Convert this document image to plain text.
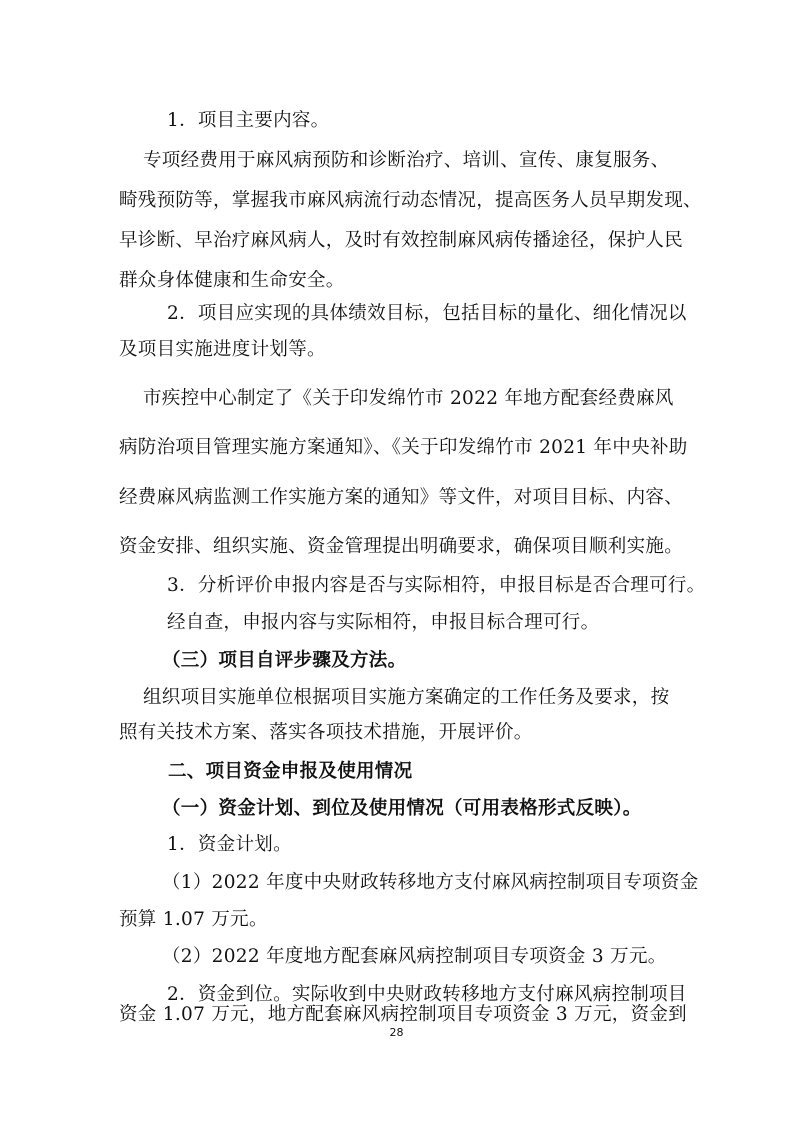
1．项目主要内容。
专项经费用于麻风病预防和诊断治疗、培训、宣传、康复服务、
畸残预防等，掌握我市麻风病流行动态情况，提高医务人员早期发现、
早诊断、早治疗麻风病人，及时有效控制麻风病传播途径，保护人民
群众身体健康和生命安全。
2．项目应实现的具体绩效目标，包括目标的量化、细化情况以
及项目实施进度计划等。
市疾控中心制定了《关于印发绵竹市 2022 年地方配套经费麻风
病防治项目管理实施方案通知》、《关于印发绵竹市 2021 年中央补助
经费麻风病监测工作实施方案的通知》等文件，对项目目标、内容、
资金安排、组织实施、资金管理提出明确要求，确保项目顺利实施。
3．分析评价申报内容是否与实际相符，申报目标是否合理可行。
经自查，申报内容与实际相符，申报目标合理可行。
（三）项目自评步骤及方法。
组织项目实施单位根据项目实施方案确定的工作任务及要求，按
照有关技术方案、落实各项技术措施，开展评价。
二、项目资金申报及使用情况
（一）资金计划、到位及使用情况（可用表格形式反映）。
1．资金计划。
（1）2022 年度中央财政转移地方支付麻风病控制项目专项资金
预算 1.07 万元。
（2）2022 年度地方配套麻风病控制项目专项资金 3 万元。
2．资金到位。实际收到中央财政转移地方支付麻风病控制项目
资金 1.07 万元，地方配套麻风病控制项目专项资金 3 万元，资金到
28
